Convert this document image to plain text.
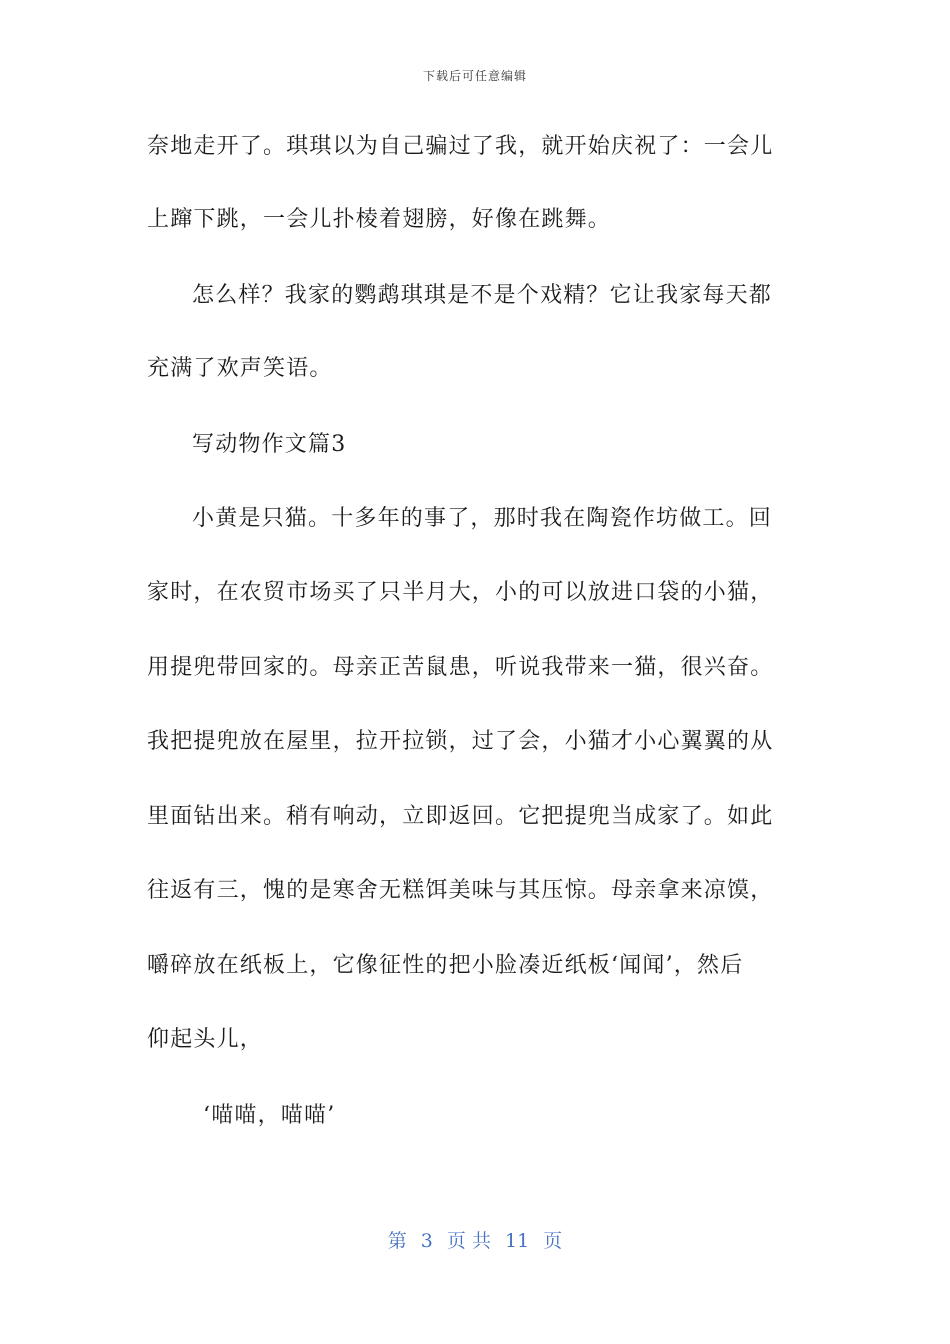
下载后可任意编辑
奈地走开了。琪琪以为自己骗过了我，就开始庆祝了：一会儿
上蹿下跳，一会儿扑棱着翅膀，好像在跳舞。
怎么样？我家的鹦鹉琪琪是不是个戏精？它让我家每天都
充满了欢声笑语。
写动物作文篇3
小黄是只猫。十多年的事了，那时我在陶瓷作坊做工。回
家时，在农贸市场买了只半月大，小的可以放进口袋的小猫，
用提兜带回家的。母亲正苦鼠患，听说我带来一猫，很兴奋。
我把提兜放在屋里，拉开拉锁，过了会，小猫才小心翼翼的从
里面钻出来。稍有响动，立即返回。它把提兜当成家了。如此
往返有三，愧的是寒舍无糕饵美味与其压惊。母亲拿来凉馍，
嚼碎放在纸板上，它像征性的把小脸凑近纸板‘闻闻’，然后
仰起头儿，
‘喵喵，喵喵’
第 3 页 共 11 页
